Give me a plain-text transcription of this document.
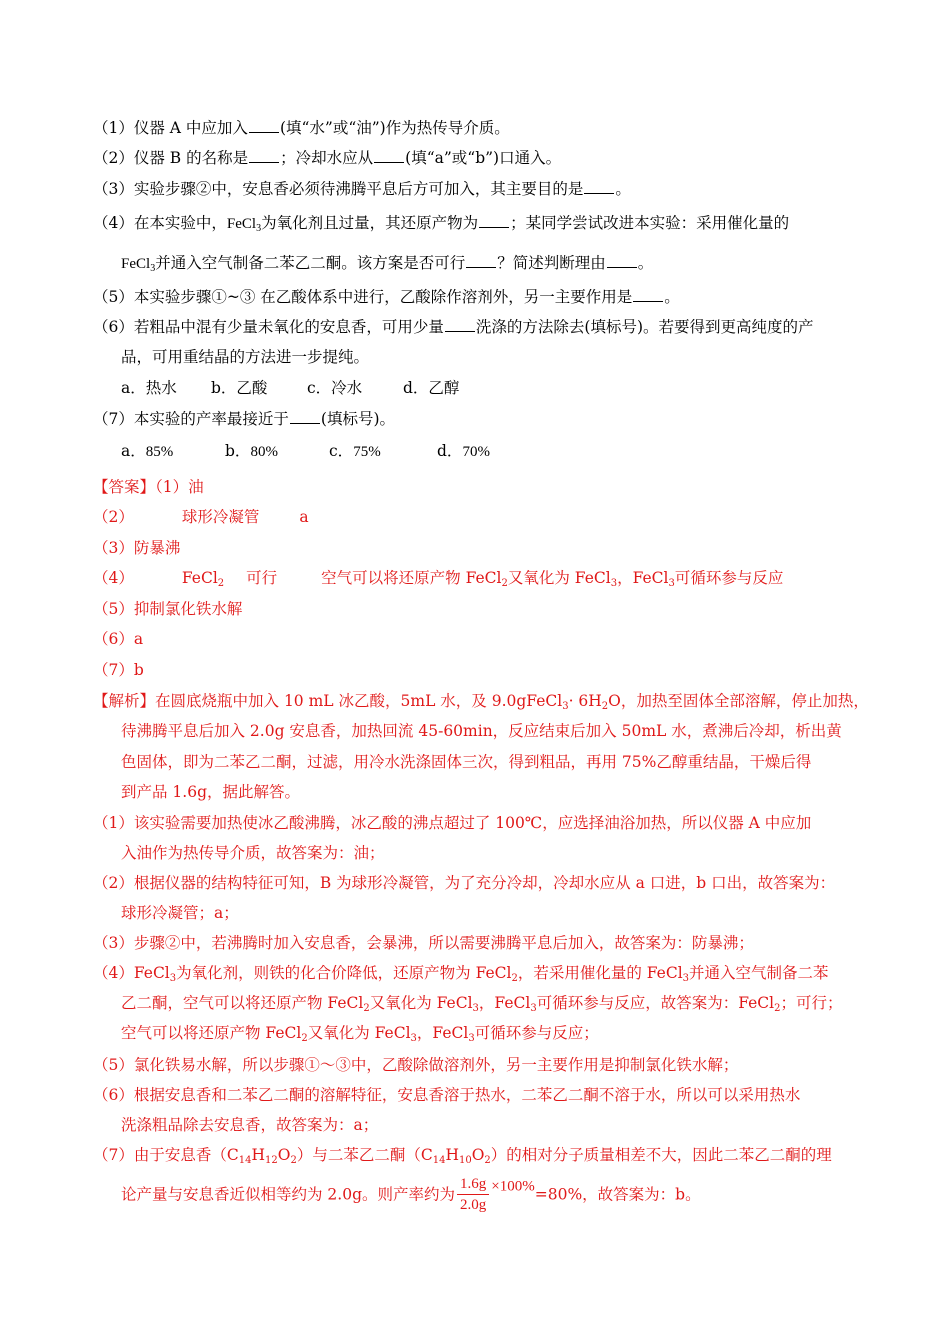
（1）仪器 A 中应加入 (填“水”或“油”)作为热传导介质。
（2）仪器 B 的名称是 ；冷却水应从 (填“a”或“b”)口通入。
（3）实验步骤②中，安息香必须待沸腾平息后方可加入，其主要目的是 。
（4）在本实验中，FeCl$_3$为氧化剂且过量，其还原产物为 ；某同学尝试改进本实验：采用催化量的
FeCl$_3$并通入空气制备二苯乙二酮。该方案是否可行 ？简述判断理由 。
（5）本实验步骤①~③ 在乙酸体系中进行，乙酸除作溶剂外，另一主要作用是 。
（6）若粗品中混有少量未氧化的安息香，可用少量 洗涤的方法除去(填标号)。若要得到更高纯度的产
品，可用重结晶的方法进一步提纯。
a．热水 b．乙酸	c．冷水	d．乙醇
（7）本实验的产率最接近于 (填标号)。
a．85%	b．80%	c．75%	d．70%
【答案】（1）油
（2）	球形冷凝管	a
（3）防暴沸
（4）	FeCl$_2$ 可行	空气可以将还原产物 FeCl$_2$又氧化为 FeCl$_3$，FeCl$_3$可循环参与反应
（5）抑制氯化铁水解
（6）a
（7）b
【解析】在圆底烧瓶中加入 10 mL 冰乙酸，5mL 水，及 9.0gFeCl$_3$· $6H_2O$，加热至固体全部溶解，停止加热，
待沸腾平息后加入 2.0g 安息香，加热回流 45-60min，反应结束后加入 50mL 水，煮沸后冷却，析出黄
色固体，即为二苯乙二酮，过滤，用冷水洗涤固体三次，得到粗品，再用 75%乙醇重结晶，干燥后得
到产品 1.6g，据此解答。
（1）该实验需要加热使冰乙酸沸腾，冰乙酸的沸点超过了 100℃，应选择油浴加热，所以仪器 A 中应加
入油作为热传导介质，故答案为：油；
（2）根据仪器的结构特征可知，B 为球形冷凝管，为了充分冷却，冷却水应从 a 口进，b 口出，故答案为：
球形冷凝管；a；
（3）步骤②中，若沸腾时加入安息香，会暴沸，所以需要沸腾平息后加入，故答案为：防暴沸；
（4）FeCl$_3$为氧化剂，则铁的化合价降低，还原产物为 FeCl$_2$，若采用催化量的 FeCl$_3$并通入空气制备二苯
乙二酮，空气可以将还原产物 FeCl$_2$又氧化为 FeCl$_3$，FeCl$_3$可循环参与反应，故答案为：FeCl$_2$；可行；
空气可以将还原产物 FeCl$_2$又氧化为 FeCl$_3$，FeCl$_3$可循环参与反应；
（5）氯化铁易水解，所以步骤①～③中，乙酸除做溶剂外，另一主要作用是抑制氯化铁水解；
（6）根据安息香和二苯乙二酮的溶解特征，安息香溶于热水，二苯乙二酮不溶于水，所以可以采用热水
洗涤粗品除去安息香，故答案为：a；
（7）由于安息香$(C_{14}H_{12}O_2)$与二苯乙二酮$(C_{14}H_{10}O_2)$的相对分子质量相差不大，因此二苯乙二酮的理
论产量与安息香近似相等约为 2.0g。则产率约为 $\frac{1.6g}{2.0g} \times 100\%=80\%$，故答案为：b。
